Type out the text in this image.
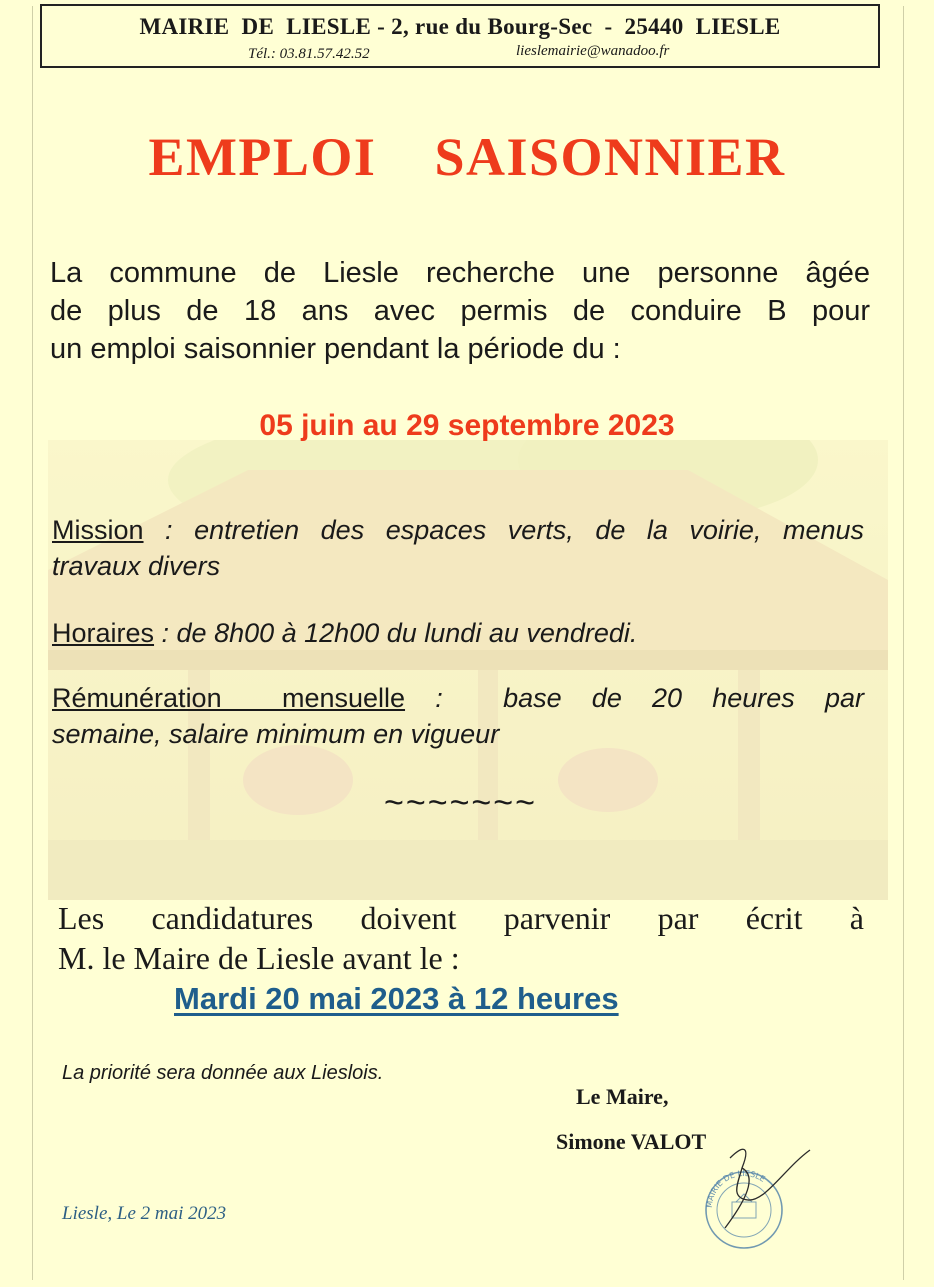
MAIRIE  DE  LIESLE - 2, rue du Bourg-Sec  -  25440  LIESLE
Tél.: 03.81.57.42.52	lieslemairie@wanadoo.fr
EMPLOI  SAISONNIER
La commune de Liesle recherche une personne âgée
de plus de 18 ans avec permis de conduire B pour
un emploi saisonnier pendant la période du :
05 juin au 29 septembre 2023
Mission : entretien des espaces verts, de la voirie, menus
travaux divers
Horaires : de 8h00 à 12h00 du lundi au vendredi.
Rémunération  mensuelle :  base de 20 heures par
semaine, salaire minimum en vigueur
~~~~~~~
Les candidatures doivent parvenir par écrit à
M. le Maire de Liesle avant le :
Mardi 20 mai 2023 à 12 heures
La priorité sera donnée aux Lieslois.
Le Maire,
Simone VALOT
Liesle, Le 2 mai 2023	MAIRIE DE LIESLE
